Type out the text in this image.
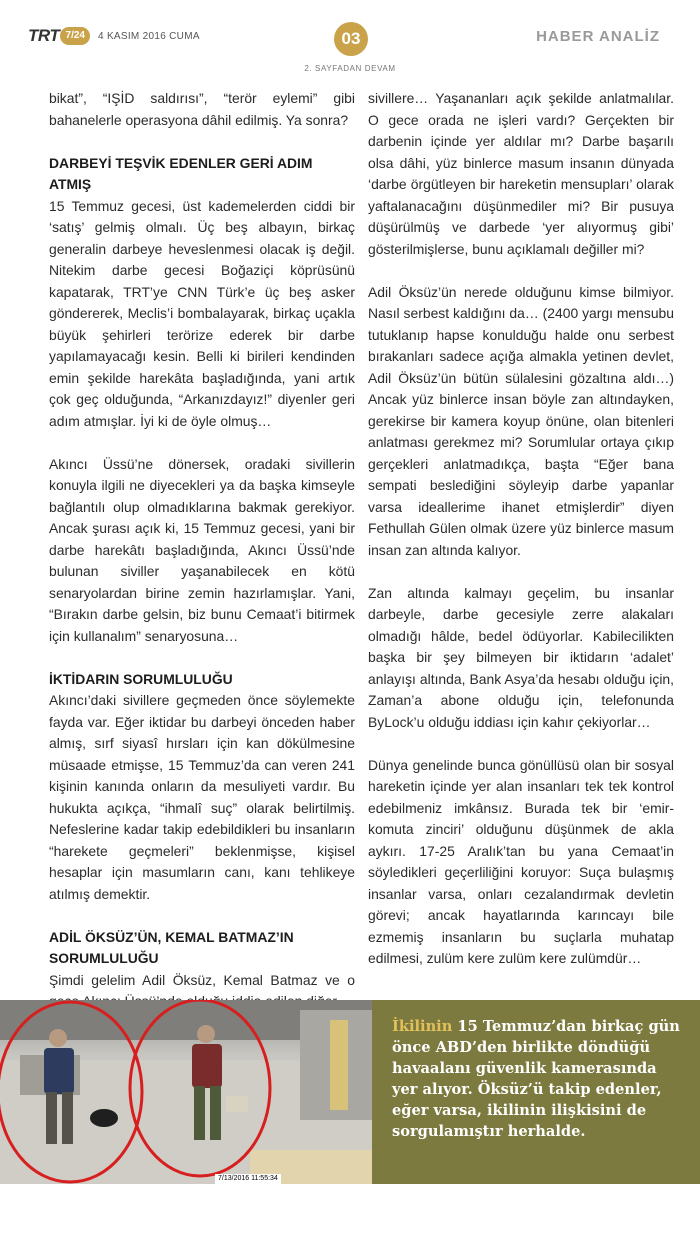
TRT 7/24	4 KASIM 2016 CUMA	03
2. SAYFADAN DEVAM
HABER ANALİZ

bikat”, “IŞİD saldırısı”, “terör eylemi” gibi bahanelerle operasyona dâhil edilmiş. Ya sonra?

DARBEYİ TEŞVİK EDENLER GERİ ADIM ATMIŞ

15 Temmuz gecesi, üst kademelerden ciddi bir ‘satış’ gelmiş olmalı. Üç beş albayın, birkaç generalin darbeye heveslenmesi olacak iş değil. Nitekim darbe gecesi Boğaziçi köprüsünü kapatarak, TRT’ye CNN Türk’e üç beş asker göndererek, Meclis’i bombalayarak, birkaç uçakla büyük şehirleri terörize ederek bir darbe yapılamayacağı kesin. Belli ki birileri kendinden emin şekilde harekâta başladığında, yani artık çok geç olduğunda, “Arkanızdayız!” diyenler geri adım atmışlar. İyi ki de öyle olmuş…

Akıncı Üssü’ne dönersek, oradaki sivillerin konuyla ilgili ne diyecekleri ya da başka kimseyle bağlantılı olup olmadıklarına bakmak gerekiyor. Ancak şurası açık ki, 15 Temmuz gecesi, yani bir darbe harekâtı başladığında, Akıncı Üssü’nde bulunan siviller yaşanabilecek en kötü senaryolardan birine zemin hazırlamışlar. Yani, “Bırakın darbe gelsin, biz bunu Cemaat’i bitirmek için kullanalım” senaryosuna…

İKTİDARIN SORUMLULUĞU

Akıncı’daki sivillere geçmeden önce söylemekte fayda var. Eğer iktidar bu darbeyi önceden haber almış, sırf siyasî hırsları için kan dökülmesine müsaade etmişse, 15 Temmuz’da can veren 241 kişinin kanında onların da mesuliyeti vardır. Bu hukukta açıkça, “ihmalî suç” olarak belirtilmiş. Nefeslerine kadar takip edebildikleri bu insanların “harekete geçmeleri” beklenmişse, kişisel hesaplar için masumların canı, kanı tehlikeye atılmış demektir.

ADİL ÖKSÜZ’ÜN, KEMAL BATMAZ’IN
SORUMLULUĞU

Şimdi gelelim Adil Öksüz, Kemal Batmaz ve o

sivillere… Yaşananları açık şekilde anlatmalılar. O gece orada ne işleri vardı? Gerçekten bir darbenin içinde yer aldılar mı? Darbe başarılı olsa dâhi, yüz binlerce masum insanın dünyada ‘darbe örgütleyen bir hareketin mensupları’ olarak yaftalanacağını düşünmediler mi? Bir pusuya düşürülmüş ve darbede ‘yer alıyormuş gibi’ gösterilmişlerse, bunu açıklamalı değiller mi?

Adil Öksüz’ün nerede olduğunu kimse bilmiyor. Nasıl serbest kaldığını da… (2400 yargı mensubu tutuklanıp hapse konulduğu halde onu serbest bırakanları sadece açığa almakla yetinen devlet, Adil Öksüz’ün bütün sülalesini gözaltına aldı…) Ancak yüz binlerce insan böyle zan altındayken, gerekirse bir kamera koyup önüne, olan bitenleri anlatması gerekmez mi? Sorumlular ortaya çıkıp gerçekleri anlatmadıkça, başta “Eğer bana sempati beslediğini söyleyip darbe yapanlar varsa ideallerime ihanet etmişlerdir” diyen Fethullah Gülen olmak üzere yüz binlerce masum insan zan altında kalıyor.

Zan altında kalmayı geçelim, bu insanlar darbeyle, darbe gecesiyle zerre alakaları olmadığı hâlde, bedel ödüyorlar. Kabilecilikten başka bir şey bilmeyen bir iktidarın ‘adalet’ anlayışı altında, Bank Asya’da hesabı olduğu için, Zaman’a abone olduğu için, telefonunda ByLock’u olduğu iddiası için kahır çekiyorlar…

Dünya genelinde bunca gönüllüsü olan bir sosyal hareketin içinde yer alan insanları tek tek kontrol edebilmeniz imkânsız. Burada tek bir ‘emir-komuta zinciri’ olduğunu düşünmek de akla aykırı. 17-25 Aralık’tan bu yana Cemaat’in söyledikleri geçerliliğini koruyor: Suça bulaşmış insanlar varsa, onları cezalandırmak devletin görevi; ancak hayatlarında karıncayı bile ezmemiş insanların bu suçlarla muhatap edilmesi, zulüm kere zulüm kere zulümdür…

7/13/2016 11:55:34
İkilinin 15 Temmuz’dan birkaç gün önce ABD’den birlikte döndüğü havaalanı güvenlik kamerasında yer alıyor. Öksüz’ü takip edenler, eğer varsa, ikilinin ilişkisini de sorgulamıştır herhalde.
